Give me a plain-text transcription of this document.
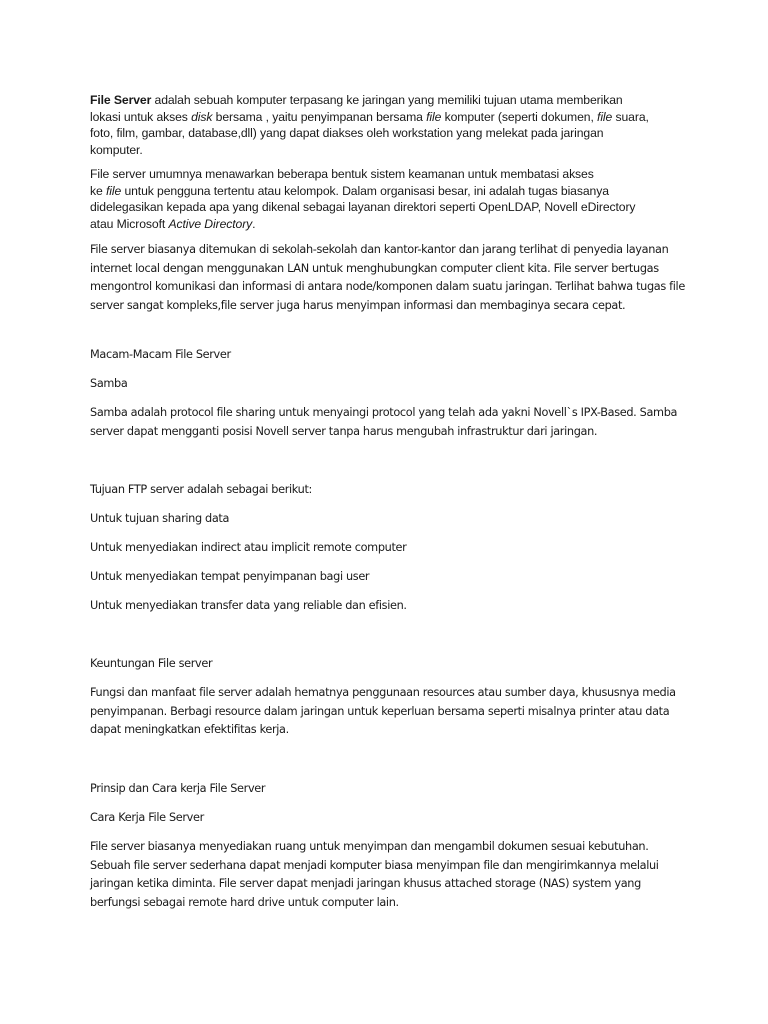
File Server adalah sebuah komputer terpasang ke jaringan yang memiliki tujuan utama memberikan
lokasi untuk akses disk bersama , yaitu penyimpanan bersama file komputer (seperti dokumen, file suara,
foto, film, gambar, database,dll) yang dapat diakses oleh workstation yang melekat pada jaringan
komputer.

File server umumnya menawarkan beberapa bentuk sistem keamanan untuk membatasi akses
ke file untuk pengguna tertentu atau kelompok. Dalam organisasi besar, ini adalah tugas biasanya
didelegasikan kepada apa yang dikenal sebagai layanan direktori seperti OpenLDAP, Novell eDirectory
atau Microsoft Active Directory.

File server biasanya ditemukan di sekolah-sekolah dan kantor-kantor dan jarang terlihat di penyedia layanan internet local dengan menggunakan LAN untuk menghubungkan computer client kita. File server bertugas mengontrol komunikasi dan informasi di antara node/komponen dalam suatu jaringan. Terlihat bahwa tugas file server sangat kompleks,file server juga harus menyimpan informasi dan membaginya secara cepat.

Macam-Macam File Server

Samba

Samba adalah protocol file sharing untuk menyaingi protocol yang telah ada yakni Novell`s IPX-Based. Samba server dapat mengganti posisi Novell server tanpa harus mengubah infrastruktur dari jaringan.

Tujuan FTP server adalah sebagai berikut:

Untuk tujuan sharing data

Untuk menyediakan indirect atau implicit remote computer

Untuk menyediakan tempat penyimpanan bagi user

Untuk menyediakan transfer data yang reliable dan efisien.

Keuntungan File server

Fungsi dan manfaat file server adalah hematnya penggunaan resources atau sumber daya, khususnya media penyimpanan. Berbagi resource dalam jaringan untuk keperluan bersama seperti misalnya printer atau data dapat meningkatkan efektifitas kerja.

Prinsip dan Cara kerja File Server

Cara Kerja File Server

File server biasanya menyediakan ruang untuk menyimpan dan mengambil dokumen sesuai kebutuhan. Sebuah file server sederhana dapat menjadi komputer biasa menyimpan file dan mengirimkannya melalui jaringan ketika diminta. File server dapat menjadi jaringan khusus attached storage (NAS) system yang berfungsi sebagai remote hard drive untuk computer lain.
